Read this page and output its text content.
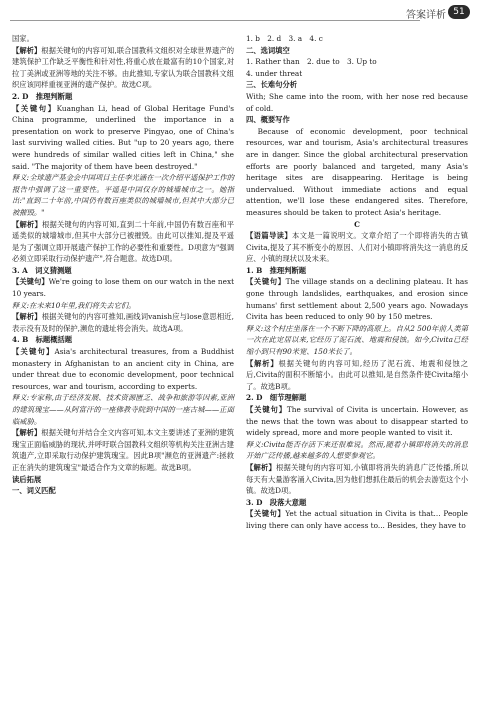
答案详析 51

国家。

【解析】根据关键句的内容可知,联合国教科文组织对全球世界遗产的建筑保护工作缺乏平衡性和针对性,将重心放在最富有的10个国家,对拉丁美洲或亚洲等地的关注不够。由此推知,专家认为联合国教科文组织应该同样重视亚洲的遗产保护。故选C项。

2. D　推理判断题

【关键句】Kuanghan Li, head of Global Heritage Fund's China programme, underlined the importance in a presentation on work to preserve Pingyao, one of China's last surviving walled cities. But "up to 20 years ago, there were hundreds of similar walled cities left in China," she said. "The majority of them have been destroyed."

释义:全球遗产基金会中国项目主任李光涵在一次介绍平遥保护工作的报告中强调了这一重要性。平遥是中国仅存的城墙城市之一。她指出:"直到二十年前,中国仍有数百座类似的城墙城市,但其中大部分已被摧毁。"

【解析】根据关键句的内容可知,直到二十年前,中国仍有数百座和平遥类似的城墙城市,但其中大部分已被摧毁。由此可以推知,提及平遥是为了强调立即开展遗产保护工作的必要性和重要性。D项意为"强调必须立即采取行动保护遗产",符合题意。故选D项。

3. A　词义猜测题

【关键句】We're going to lose them on our watch in the next 10 years.

释义:在未来10年里,我们将失去它们。

【解析】根据关键句的内容可推知,画线词vanish应与lose意思相近,表示没有及时的保护,濒危的遗址将会消失。故选A项。

4. B　标题概括题

【关键句】Asia's architectural treasures, from a Buddhist monastery in Afghanistan to an ancient city in China, are under threat due to economic development, poor technical resources, war and tourism, according to experts.

释义:专家称,由于经济发展、技术资源匮乏、战争和旅游等因素,亚洲的建筑瑰宝——从阿富汗的一座佛教寺院到中国的一座古城——正面临威胁。

【解析】根据关键句并结合全文内容可知,本文主要讲述了亚洲的建筑瑰宝正面临威胁的现状,并呼吁联合国教科文组织等机构关注亚洲古建筑遗产,立即采取行动保护建筑瑰宝。因此B项"濒危的亚洲遗产:拯救正在消失的建筑瑰宝"最适合作为文章的标题。故选B项。

读后拓展

一、词义匹配

1. b　2. d　3. a　4. c

二、选词填空

1. Rather than　2. due to　3. Up to

4. under threat

三、长难句分析

With; She came into the room, with her nose red because of cold.

四、概要写作

Because of economic development, poor technical resources, war and tourism, Asia's architectural treasures are in danger. Since the global architectural preservation efforts are poorly balanced and targeted, many Asia's heritage sites are disappearing. Heritage is being undervalued. Without immediate actions and equal attention, we'll lose these endangered sites. Therefore, measures should be taken to protect Asia's heritage.

C

【语篇导读】本文是一篇说明文。文章介绍了一个即将消失的古镇Civita,提及了其不断变小的原因、人们对小镇即将消失这一消息的反应、小镇的现状以及未来。

1. B　推理判断题

【关键句】The village stands on a declining plateau. It has gone through landslides, earthquakes, and erosion since humans' first settlement about 2,500 years ago. Nowadays Civita has been reduced to only 90 by 150 metres.

释义:这个村庄坐落在一个不断下降的高原上。自从2 500年前人类第一次在此定居以来,它经历了泥石流、地震和侵蚀。如今,Civita已经缩小到只有90米宽、150米长了。

【解析】根据关键句的内容可知,经历了泥石流、地震和侵蚀之后,Civita的面积不断缩小。由此可以推知,是自然条件使Civita缩小了。故选B项。

2. D　细节理解题

【关键句】The survival of Civita is uncertain. However, as the news that the town was about to disappear started to widely spread, more and more people wanted to visit it.

释义:Civita能否存活下来还很难说。然而,随着小镇即将消失的消息开始广泛传播,越来越多的人想要参观它。

【解析】根据关键句的内容可知,小镇即将消失的消息广泛传播,所以每天有大量游客涌入Civita,因为他们想抓住最后的机会去游览这个小镇。故选D项。

3. D　段落大意题

【关键句】Yet the actual situation in Civita is that... People living there can only have access to... Besides, they have to
